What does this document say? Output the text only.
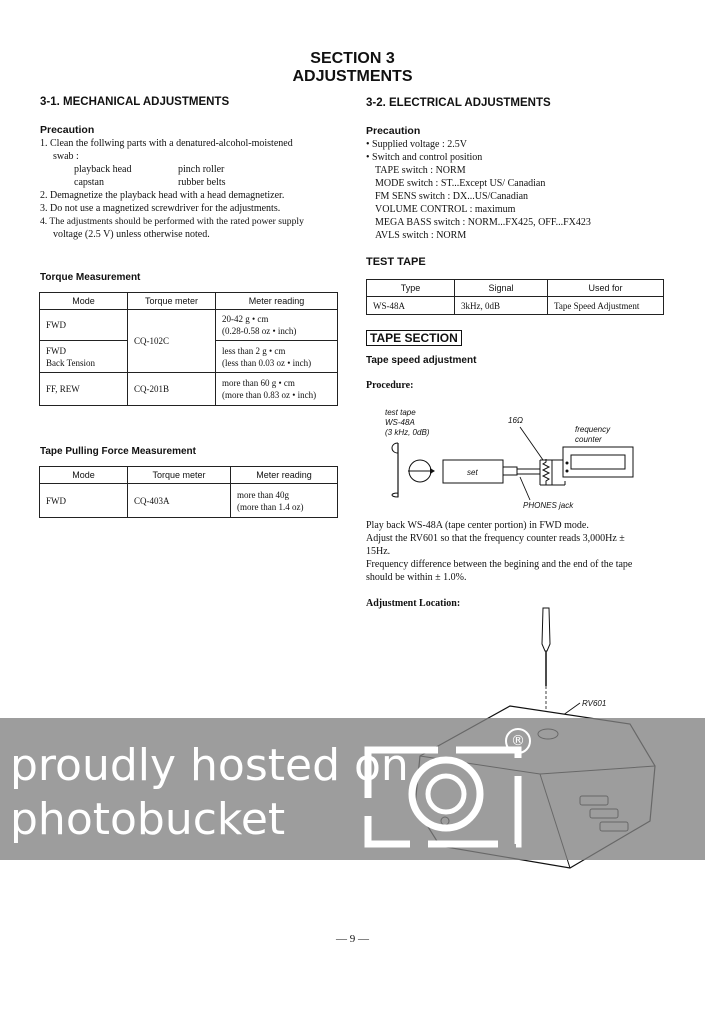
SECTION 3
ADJUSTMENTS
3-1. MECHANICAL ADJUSTMENTS
Precaution
1. Clean the follwing parts with a denatured-alcohol-moistened
swab :
playback head	pinch roller
capstan	rubber belts
2. Demagnetize the playback head with a head demagnetizer.
3. Do not use a magnetized screwdriver for the adjustments.
4. The adjustments should be performed with the rated power supply
voltage (2.5 V) unless otherwise noted.
Torque Measurement
Mode	Torque meter	Meter reading
FWD	CQ-102C	20-42 g • cm
(0.28-0.58 oz • inch)

FWD
Back Tension		less than 2 g • cm
(less than 0.03 oz • inch)

FF, REW	CQ-201B	more than 60 g • cm
(more than 0.83 oz • inch)
Tape Pulling Force Measurement
Mode	Torque meter	Meter reading
FWD	CQ-403A	more than 40g
(more than 1.4 oz)
3-2. ELECTRICAL ADJUSTMENTS
Precaution
• Supplied voltage : 2.5V
• Switch and control position
TAPE switch : NORM
MODE switch : ST...Except US/ Canadian
FM SENS switch : DX...US/Canadian
VOLUME CONTROL : maximum
MEGA BASS switch : NORM...FX425, OFF...FX423
AVLS switch : NORM
TEST TAPE
Type	Signal	Used for
WS-48A	3kHz, 0dB	Tape Speed Adjustment
TAPE SECTION
Tape speed adjustment
Procedure:
test tape
WS-48A
(3 kHz, 0dB)
16Ω
frequency
counter
PHONES jack
set
Play back WS-48A (tape center portion) in FWD mode.
Adjust the RV601 so that the frequency counter reads 3,000Hz ±
15Hz.
Frequency difference between the begining and the end of the tape
should be within ± 1.0%.
Adjustment Location:
RV601
proudly hosted on
photobucket
®
— 9 —
